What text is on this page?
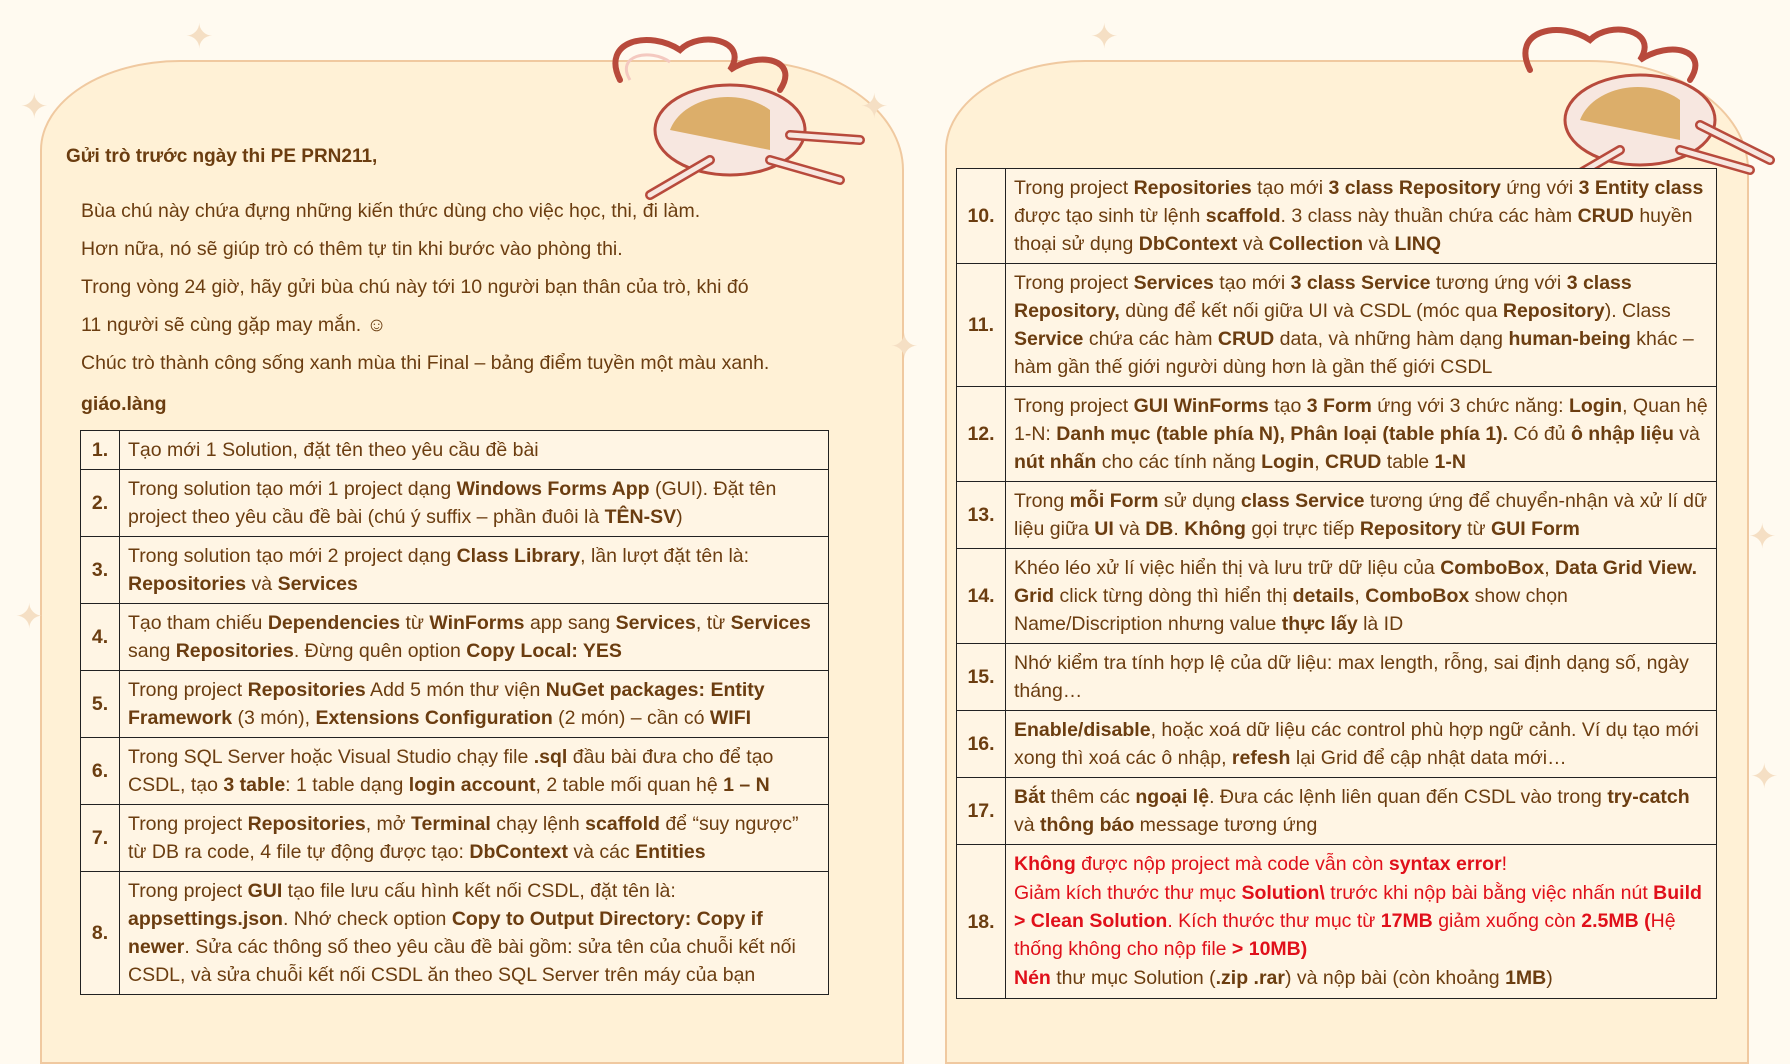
✦
✦
✦
✦
✦
✦
✦
✦
Gửi trò trước ngày thi PE PRN211,
Bùa chú này chứa đựng những kiến thức dùng cho việc học, thi, đi làm.
Hơn nữa, nó sẽ giúp trò có thêm tự tin khi bước vào phòng thi.
Trong vòng 24 giờ, hãy gửi bùa chú này tới 10 người bạn thân của trò, khi đó
11 người sẽ cùng gặp may mắn. ☺
Chúc trò thành công sống xanh mùa thi Final – bảng điểm tuyền một màu xanh.
giáo.làng
1.	Tạo mới 1 Solution, đặt tên theo yêu cầu đề bài
2.	Trong solution tạo mới 1 project dạng Windows Forms App (GUI). Đặt tên project theo yêu cầu đề bài (chú ý suffix – phần đuôi là TÊN-SV)
3.	Trong solution tạo mới 2 project dạng Class Library, lần lượt đặt tên là: Repositories và Services
4.	Tạo tham chiếu Dependencies từ WinForms app sang Services, từ Services sang Repositories. Đừng quên option Copy Local: YES
5.	Trong project Repositories Add 5 món thư viện NuGet packages: Entity Framework (3 món), Extensions Configuration (2 món) – cần có WIFI
6.	Trong SQL Server hoặc Visual Studio chạy file .sql đầu bài đưa cho để tạo CSDL, tạo 3 table: 1 table dạng login account, 2 table mối quan hệ 1 – N
7.	Trong project Repositories, mở Terminal chạy lệnh scaffold để “suy ngược” từ DB ra code, 4 file tự động được tạo: DbContext và các Entities
8.	Trong project GUI tạo file lưu cấu hình kết nối CSDL, đặt tên là: appsettings.json. Nhớ check option Copy to Output Directory: Copy if newer. Sửa các thông số theo yêu cầu đề bài gồm: sửa tên của chuỗi kết nối CSDL, và sửa chuỗi kết nối CSDL ăn theo SQL Server trên máy của bạn
10.	Trong project Repositories tạo mới 3 class Repository ứng với 3 Entity class được tạo sinh từ lệnh scaffold. 3 class này thuần chứa các hàm CRUD huyền thoại sử dụng DbContext và Collection và LINQ
11.	Trong project Services tạo mới 3 class Service tương ứng với 3 class Repository, dùng để kết nối giữa UI và CSDL (móc qua Repository). Class Service chứa các hàm CRUD data, và những hàm dạng human-being khác – hàm gần thế giới người dùng hơn là gần thế giới CSDL
12.	Trong project GUI WinForms tạo 3 Form ứng với 3 chức năng: Login, Quan hệ 1-N: Danh mục (table phía N), Phân loại (table phía 1). Có đủ ô nhập liệu và nút nhấn cho các tính năng Login, CRUD table 1-N
13.	Trong mỗi Form sử dụng class Service tương ứng để chuyển-nhận và xử lí dữ liệu giữa UI và DB. Không gọi trực tiếp Repository từ GUI Form
14.	Khéo léo xử lí việc hiển thị và lưu trữ dữ liệu của ComboBox, Data Grid View. Grid click từng dòng thì hiển thị details, ComboBox show chọn Name/Discription nhưng value thực lấy là ID
15.	Nhớ kiểm tra tính hợp lệ của dữ liệu: max length, rỗng, sai định dạng số, ngày tháng…
16.	Enable/disable, hoặc xoá dữ liệu các control phù hợp ngữ cảnh. Ví dụ tạo mới xong thì xoá các ô nhập, refesh lại Grid để cập nhật data mới…
17.	Bắt thêm các ngoại lệ. Đưa các lệnh liên quan đến CSDL vào trong try-catch và thông báo message tương ứng
18.	Không được nộp project mà code vẫn còn syntax error!
Giảm kích thước thư mục Solution\ trước khi nộp bài bằng việc nhấn nút Build > Clean Solution. Kích thước thư mục từ 17MB giảm xuống còn 2.5MB (Hệ thống không cho nộp file > 10MB)
Nén thư mục Solution (.zip .rar) và nộp bài (còn khoảng 1MB)
